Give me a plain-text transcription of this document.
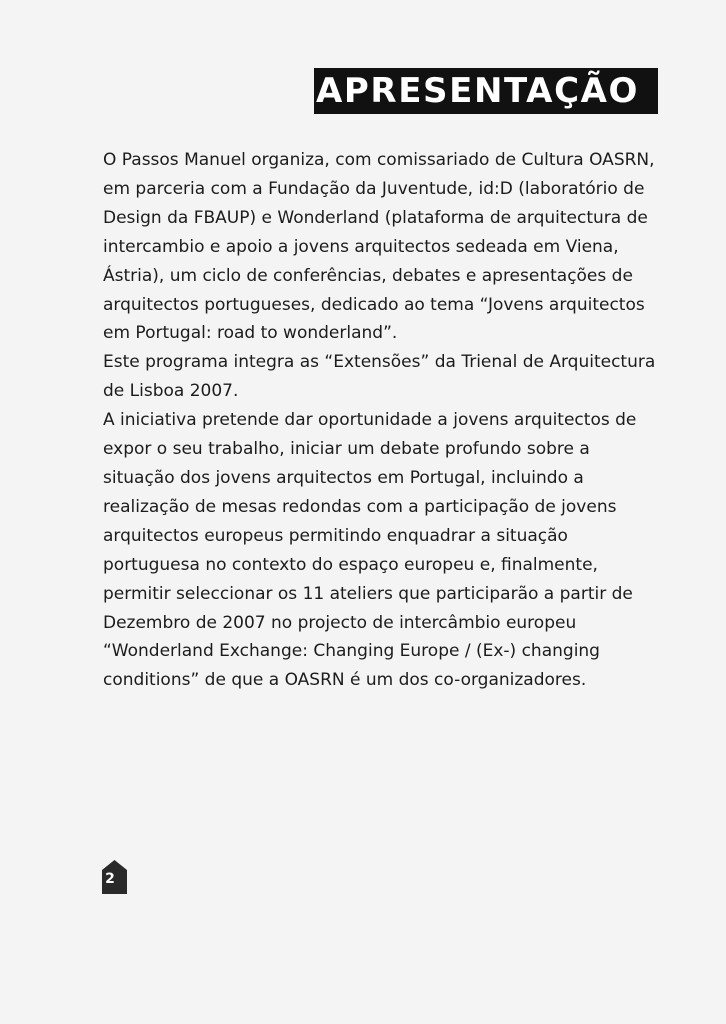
APRESENTAÇÃO

O Passos Manuel organiza, com comissariado de Cultura OASRN, em parceria com a Fundação da Juventude, id:D (laboratório de Design da FBAUP) e Wonderland (plataforma de arquitectura de intercambio e apoio a jovens arquitectos sedeada em Viena, Ástria), um ciclo de conferências, debates e apresentações de arquitectos portugueses, dedicado ao tema “Jovens arquitectos em Portugal: road to wonderland”.

Este programa integra as “Extensões” da Trienal de Arquitectura de Lisboa 2007.

A iniciativa pretende dar oportunidade a jovens arquitectos de expor o seu trabalho, iniciar um debate profundo sobre a situação dos jovens arquitectos em Portugal, incluindo a realização de mesas redondas com a participação de jovens arquitectos europeus permitindo enquadrar a situação portuguesa no contexto do espaço europeu e, finalmente, permitir seleccionar os 11 ateliers que participarão a partir de Dezembro de 2007 no projecto de intercâmbio europeu “Wonderland Exchange: Changing Europe / (Ex-) changing conditions” de que a OASRN é um dos co-organizadores.

2
